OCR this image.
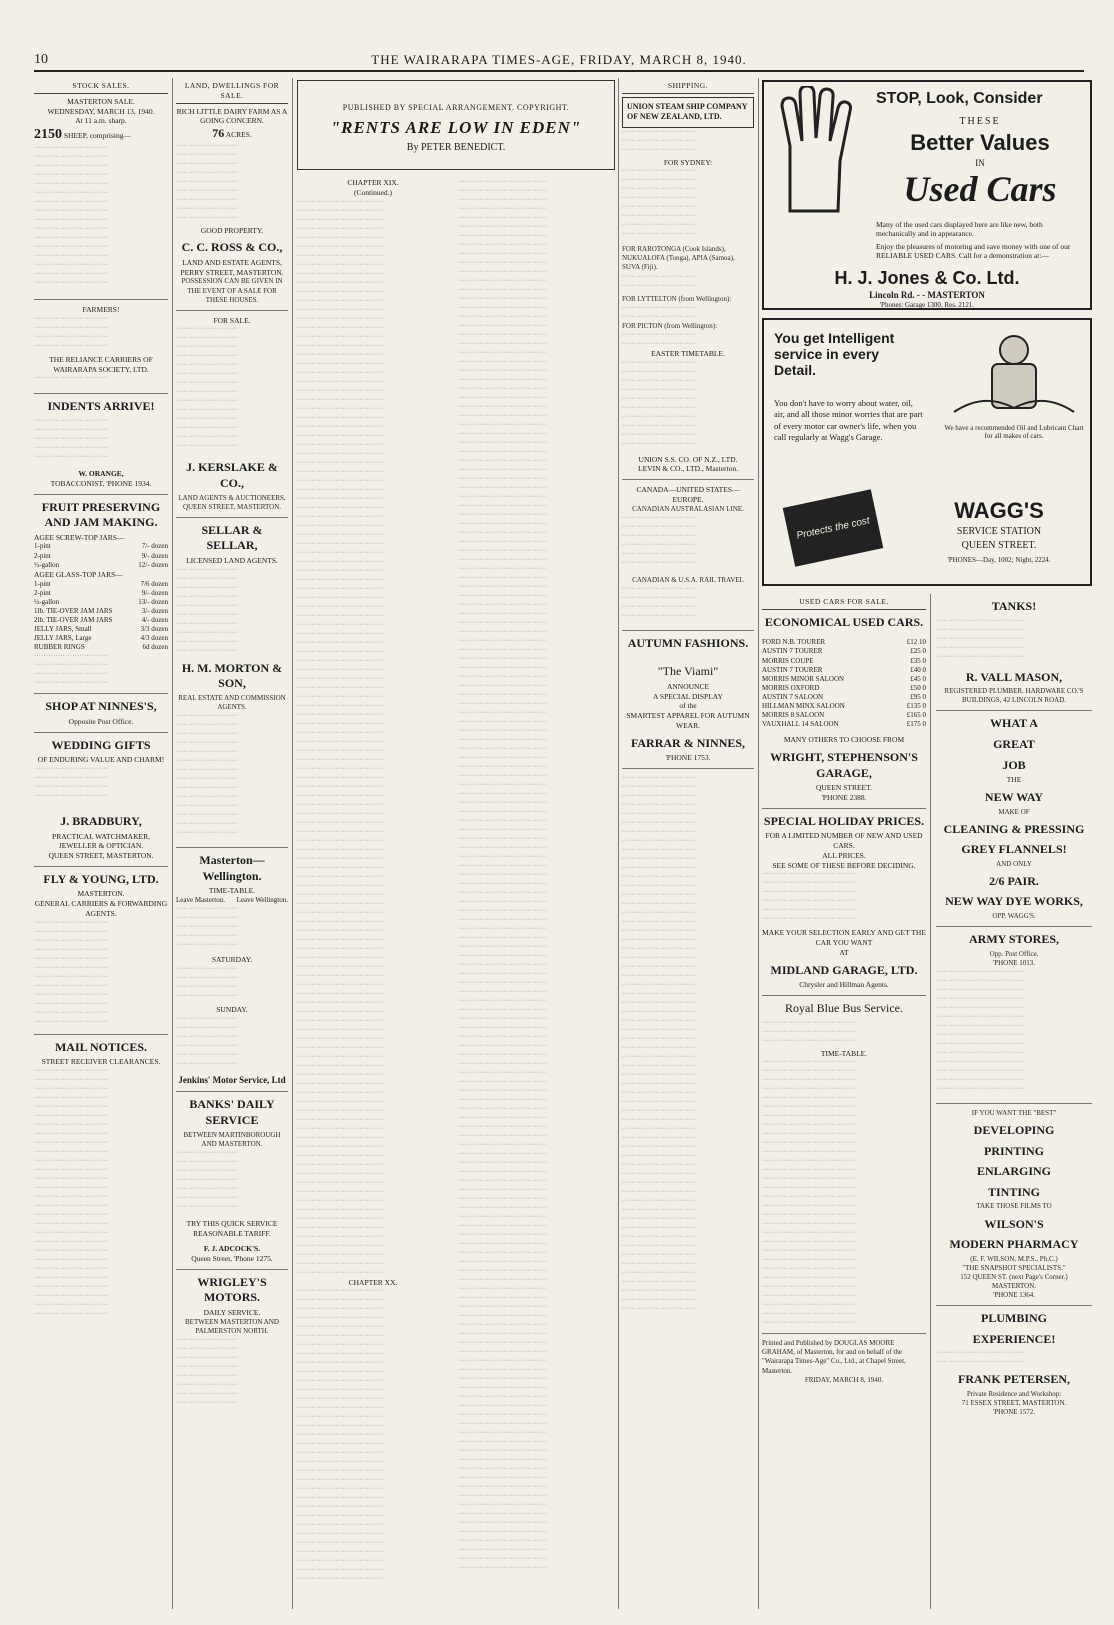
10	THE WAIRARAPA TIMES-AGE, FRIDAY, MARCH 8, 1940.
STOCK SALES.
MASTERTON SALE.
WEDNESDAY, MARCH 13, 1940.
At 11 a.m. sharp.
2150 SHEEP, comprising—
······························· ······························· ······························· ······························· ······························· ······························· ······························· ······························· ······························· ······························· ······························· ······························· ······························· ······························· ······························· ·······························
FARMERS!
······························· ······························· ······························· ·······························
THE RELIANCE CARRIERS OF WAIRARAPA SOCIETY, LTD.
·······························
INDENTS ARRIVE!
······························· ······························· ······························· ······························· ·······························
W. ORANGE,
TOBACCONIST, 'PHONE 1934.
FRUIT PRESERVING AND JAM MAKING.
AGEE SCREW-TOP JARS—
1-pint	7/- dozen
2-pint	9/- dozen
½-gallon	12/- dozen
AGEE GLASS-TOP JARS—
1-pint	7/6 dozen
2-pint	9/- dozen
½-gallon	13/- dozen
1lb. TIE-OVER JAM JARS	3/- dozen
2lb. TIE-OVER JAM JARS	4/- dozen
JELLY JARS, Small	3/3 dozen
JELLY JARS, Large	4/3 dozen
RUBBER RINGS	6d dozen
······························· ······························· ······························· ·······························
SHOP AT NINNES'S,
Opposite Post Office.
WEDDING GIFTS
OF ENDURING VALUE AND CHARM!
······························· ······························· ······························· ·······························
J. BRADBURY,
PRACTICAL WATCHMAKER, JEWELLER & OPTICIAN.
QUEEN STREET, MASTERTON.
FLY & YOUNG, LTD.
MASTERTON.
GENERAL CARRIERS & FORWARDING AGENTS.
······························· ······························· ······························· ······························· ······························· ······························· ······························· ······························· ······························· ······························· ······························· ·······························
MAIL NOTICES.
STREET RECEIVER CLEARANCES.
······························· ······························· ······························· ······························· ······························· ······························· ······························· ······························· ······························· ······························· ······························· ······························· ······························· ······························· ······························· ······························· ······························· ······························· ······························· ······························· ······························· ······························· ······························· ······························· ······························· ······························· ······························· ·······························
LAND, DWELLINGS FOR SALE.
RICH LITTLE DAIRY FARM AS A GOING CONCERN.
76 ACRES.
·························· ·························· ·························· ·························· ·························· ·························· ·························· ·························· ··························
GOOD PROPERTY.
C. C. ROSS & CO.,
LAND AND ESTATE AGENTS,
PERRY STREET, MASTERTON.
POSSESSION CAN BE GIVEN IN THE EVENT OF A SALE FOR THESE HOUSES.
FOR SALE.
·························· ·························· ·························· ·························· ·························· ·························· ·························· ·························· ·························· ·························· ·························· ·························· ·························· ··························
J. KERSLAKE & CO.,
LAND AGENTS & AUCTIONEERS, QUEEN STREET, MASTERTON.
SELLAR & SELLAR,
LICENSED LAND AGENTS.
·························· ·························· ·························· ·························· ·························· ·························· ·························· ·························· ·························· ··························
H. M. MORTON & SON,
REAL ESTATE AND COMMISSION AGENTS.
·························· ·························· ·························· ·························· ·························· ·························· ·························· ·························· ·························· ·························· ·························· ·························· ·························· ··························
Masterton—Wellington.
TIME-TABLE.
Leave Masterton. Leave Wellington.
·························· ·························· ·························· ·························· ··························
SATURDAY.
·························· ·························· ·························· ··························
SUNDAY.
·························· ·························· ·························· ·························· ·························· ··························
Jenkins' Motor Service, Ltd
BANKS' DAILY SERVICE
BETWEEN MARTINBOROUGH AND MASTERTON.
·························· ·························· ·························· ·························· ·························· ·························· ··························
TRY THIS QUICK SERVICE REASONABLE TARIFF.
F. J. ADCOCK'S.
Queen Street, 'Phone 1275.
WRIGLEY'S MOTORS.
DAILY SERVICE.
BETWEEN MASTERTON AND PALMERSTON NORTH.
·························· ·························· ·························· ·························· ·························· ·························· ·························· ··························
PUBLISHED BY SPECIAL ARRANGEMENT. COPYRIGHT.
"RENTS ARE LOW IN EDEN"
By PETER BENEDICT.
CHAPTER XIX.
(Continued.)
···································· ···································· ···································· ···································· ···································· ···································· ···································· ···································· ···································· ···································· ···································· ···································· ···································· ···································· ···································· ···································· ···································· ···································· ···································· ···································· ···································· ···································· ···································· ···································· ···································· ···································· ···································· ···································· ···································· ···································· ···································· ···································· ···································· ···································· ···································· ···································· ···································· ···································· ···································· ···································· ···································· ···································· ···································· ···································· ···································· ···································· ···································· ···································· ···································· ···································· ···································· ···································· ···································· ···································· ···································· ···································· ···································· ···································· ···································· ···································· ···································· ···································· ···································· ···································· ···································· ···································· ···································· ···································· ···································· ···································· ···································· ···································· ···································· ···································· ···································· ···································· ···································· ···································· ···································· ···································· ···································· ···································· ···································· ···································· ···································· ···································· ···································· ···································· ···································· ···································· ···································· ···································· ···································· ···································· ···································· ···································· ···································· ···································· ···································· ···································· ···································· ···································· ···································· ···································· ···································· ···································· ···································· ···································· ···································· ···································· ···································· ···································· ···································· ···································· ···································· ···································· ···································· ···································· ···································· ····································
CHAPTER XX.
···································· ···································· ···································· ···································· ···································· ···································· ···································· ···································· ···································· ···································· ···································· ···································· ···································· ···································· ···································· ···································· ···································· ···································· ···································· ···································· ···································· ···································· ···································· ···································· ···································· ···································· ···································· ···································· ···································· ···································· ···································· ···································· ····································
····································· ····································· ····································· ····································· ····································· ····································· ····································· ····································· ····································· ····································· ····································· ····································· ····································· ····································· ····································· ····································· ····································· ····································· ····································· ····································· ····································· ····································· ····································· ····································· ····································· ····································· ····································· ····································· ····································· ····································· ····································· ····································· ····································· ····································· ····································· ····································· ····································· ····································· ····································· ····································· ····································· ····································· ····································· ····································· ····································· ····································· ····································· ····································· ····································· ····································· ····································· ····································· ····································· ····································· ····································· ····································· ····································· ····································· ····································· ····································· ····································· ····································· ····································· ····································· ····································· ····································· ····································· ····································· ····································· ····································· ····································· ····································· ····································· ····································· ····································· ····································· ····································· ····································· ····································· ····································· ····································· ····································· ····································· ····································· ····································· ····································· ····································· ····································· ····································· ····································· ····································· ····································· ····································· ····································· ····································· ····································· ····································· ····································· ····································· ····································· ····································· ····································· ····································· ····································· ····································· ····································· ····································· ····································· ····································· ····································· ····································· ····································· ····································· ····································· ····································· ····································· ····································· ····································· ····································· ····································· ····································· ····································· ····································· ····································· ····································· ····································· ····································· ····································· ····································· ····································· ····································· ····································· ····································· ····································· ····································· ····································· ····································· ····································· ····································· ····································· ····································· ····································· ····································· ····································· ····································· ····································· ····································· ····································· ····································· ····································· ····································· ····································· ····································· ····································· ·····································
SHIPPING.
UNION STEAM SHIP COMPANY OF NEW ZEALAND, LTD.
······························· ······························· ·······························
FOR SYDNEY:
······························· ······························· ······························· ······························· ······························· ······························· ······························· ·······························
FOR RAROTONGA (Cook Islands), NUKUALOFA (Tonga), APIA (Samoa), SUVA (Fiji).
······························· ·······························
FOR LYTTELTON (from Wellington):
······························· ·······························
FOR PICTON (from Wellington):
······························· ·······························
EASTER TIMETABLE.
······························· ······························· ······························· ······························· ······························· ······························· ······························· ······························· ······························· ·······························
UNION S.S. CO. OF N.Z., LTD.
LEVIN & CO., LTD., Masterton.
CANADA—UNITED STATES—EUROPE.
CANADIAN AUSTRALASIAN LINE.
······························· ······························· ······························· ······························· ······························· ·······························
CANADIAN & U.S.A. RAIL TRAVEL
······························· ······························· ······························· ·······························
AUTUMN FASHIONS.
"The Viami"
ANNOUNCE
A SPECIAL DISPLAY
of the
SMARTEST APPAREL FOR AUTUMN WEAR.
FARRAR & NINNES,
'PHONE 1753.
······························· ······························· ······························· ······························· ······························· ······························· ······························· ······························· ······························· ······························· ······························· ······························· ······························· ······························· ······························· ······························· ······························· ······························· ······························· ······························· ······························· ······························· ······························· ······························· ······························· ······························· ······························· ······························· ······························· ······························· ······························· ······························· ······························· ······························· ······························· ······························· ······························· ······························· ······························· ······························· ······························· ······························· ······························· ······························· ······························· ······························· ······························· ······························· ······························· ······························· ······························· ······························· ······························· ······························· ······························· ······························· ······························· ······························· ······························· ·······························
STOP, Look, Consider
THESE
Better Values
IN
Used Cars
Many of the used cars displayed here are like new, both mechanically and in appearance.
Enjoy the pleasures of motoring and save money with one of our RELIABLE USED CARS. Call for a demonstration at:—
H. J. Jones & Co. Ltd.
Lincoln Rd. - - MASTERTON
'Phones: Garage 1300. Res. 2121.
You get Intelligent service in every Detail.
You don't have to worry about water, oil, air, and all those minor worries that are part of every motor car owner's life, when you call regularly at Wagg's Garage.
We have a recommended Oil and Lubricant Chart for all makes of cars.
Protects the cost
WAGG'S
SERVICE STATION
QUEEN STREET.
'PHONES—Day, 1002; Night, 2224.
USED CARS FOR SALE.
ECONOMICAL USED CARS.
FORD N.B. TOURER	£12 10
AUSTIN 7 TOURER	£25 0
MORRIS COUPE	£35 0
AUSTIN 7 TOURER	£40 0
MORRIS MINOR SALOON	£45 0
MORRIS OXFORD	£50 0
AUSTIN 7 SALOON	£95 0
HILLMAN MINX SALOON	£135 0
MORRIS 8 SALOON	£165 0
VAUXHALL 14 SALOON	£175 0
MANY OTHERS TO CHOOSE FROM
WRIGHT, STEPHENSON'S GARAGE,
QUEEN STREET.
'PHONE 2388.
SPECIAL HOLIDAY PRICES.
FOR A LIMITED NUMBER OF NEW AND USED CARS.
ALL PRICES.
SEE SOME OF THESE BEFORE DECIDING.
······································· ······································· ······································· ······································· ······································· ·······································
MAKE YOUR SELECTION EARLY AND GET THE CAR YOU WANT
AT
MIDLAND GARAGE, LTD.
Chrysler and Hillman Agents.
Royal Blue Bus Service.
······································· ······································· ·······································
TIME-TABLE.
······································· ······································· ······································· ······································· ······································· ······································· ······································· ······································· ······································· ······································· ······································· ······································· ······································· ······································· ······································· ······································· ······································· ······································· ······································· ······································· ······································· ······································· ······································· ······································· ······································· ······································· ······································· ······································· ······································· ·······································
Printed and Published by DOUGLAS MOORE GRAHAM, of Masterton, for and on behalf of the "Wairarapa Times-Age" Co., Ltd., at Chapel Street, Masterton.
FRIDAY, MARCH 8, 1940.
TANKS!
····································· ····································· ····································· ····································· ·····································
R. VALL MASON,
REGISTERED PLUMBER. HARDWARE CO.'S BUILDINGS, 42 LINCOLN ROAD.
WHAT A
GREAT
JOB
THE
NEW WAY
MAKE OF
CLEANING & PRESSING
GREY FLANNELS!
AND ONLY
2/6 PAIR.
NEW WAY DYE WORKS,
OPP. WAGG'S.
ARMY STORES,
Opp. Post Office.
'PHONE 1013.
····································· ····································· ····································· ····································· ····································· ····································· ····································· ····································· ····································· ····································· ····································· ····································· ····································· ·····································
IF YOU WANT THE "BEST"
DEVELOPING
PRINTING
ENLARGING
TINTING
TAKE THOSE FILMS TO
WILSON'S
MODERN PHARMACY
(E. F. WILSON, M.P.S., Ph.C.)
"THE SNAPSHOT SPECIALISTS."
152 QUEEN ST. (next Page's Corner.)
MASTERTON.
'PHONE 1364.
PLUMBING
EXPERIENCE!
····································· ·····································
FRANK PETERSEN,
Private Residence and Workshop:
71 ESSEX STREET, MASTERTON.
'PHONE 1572.
